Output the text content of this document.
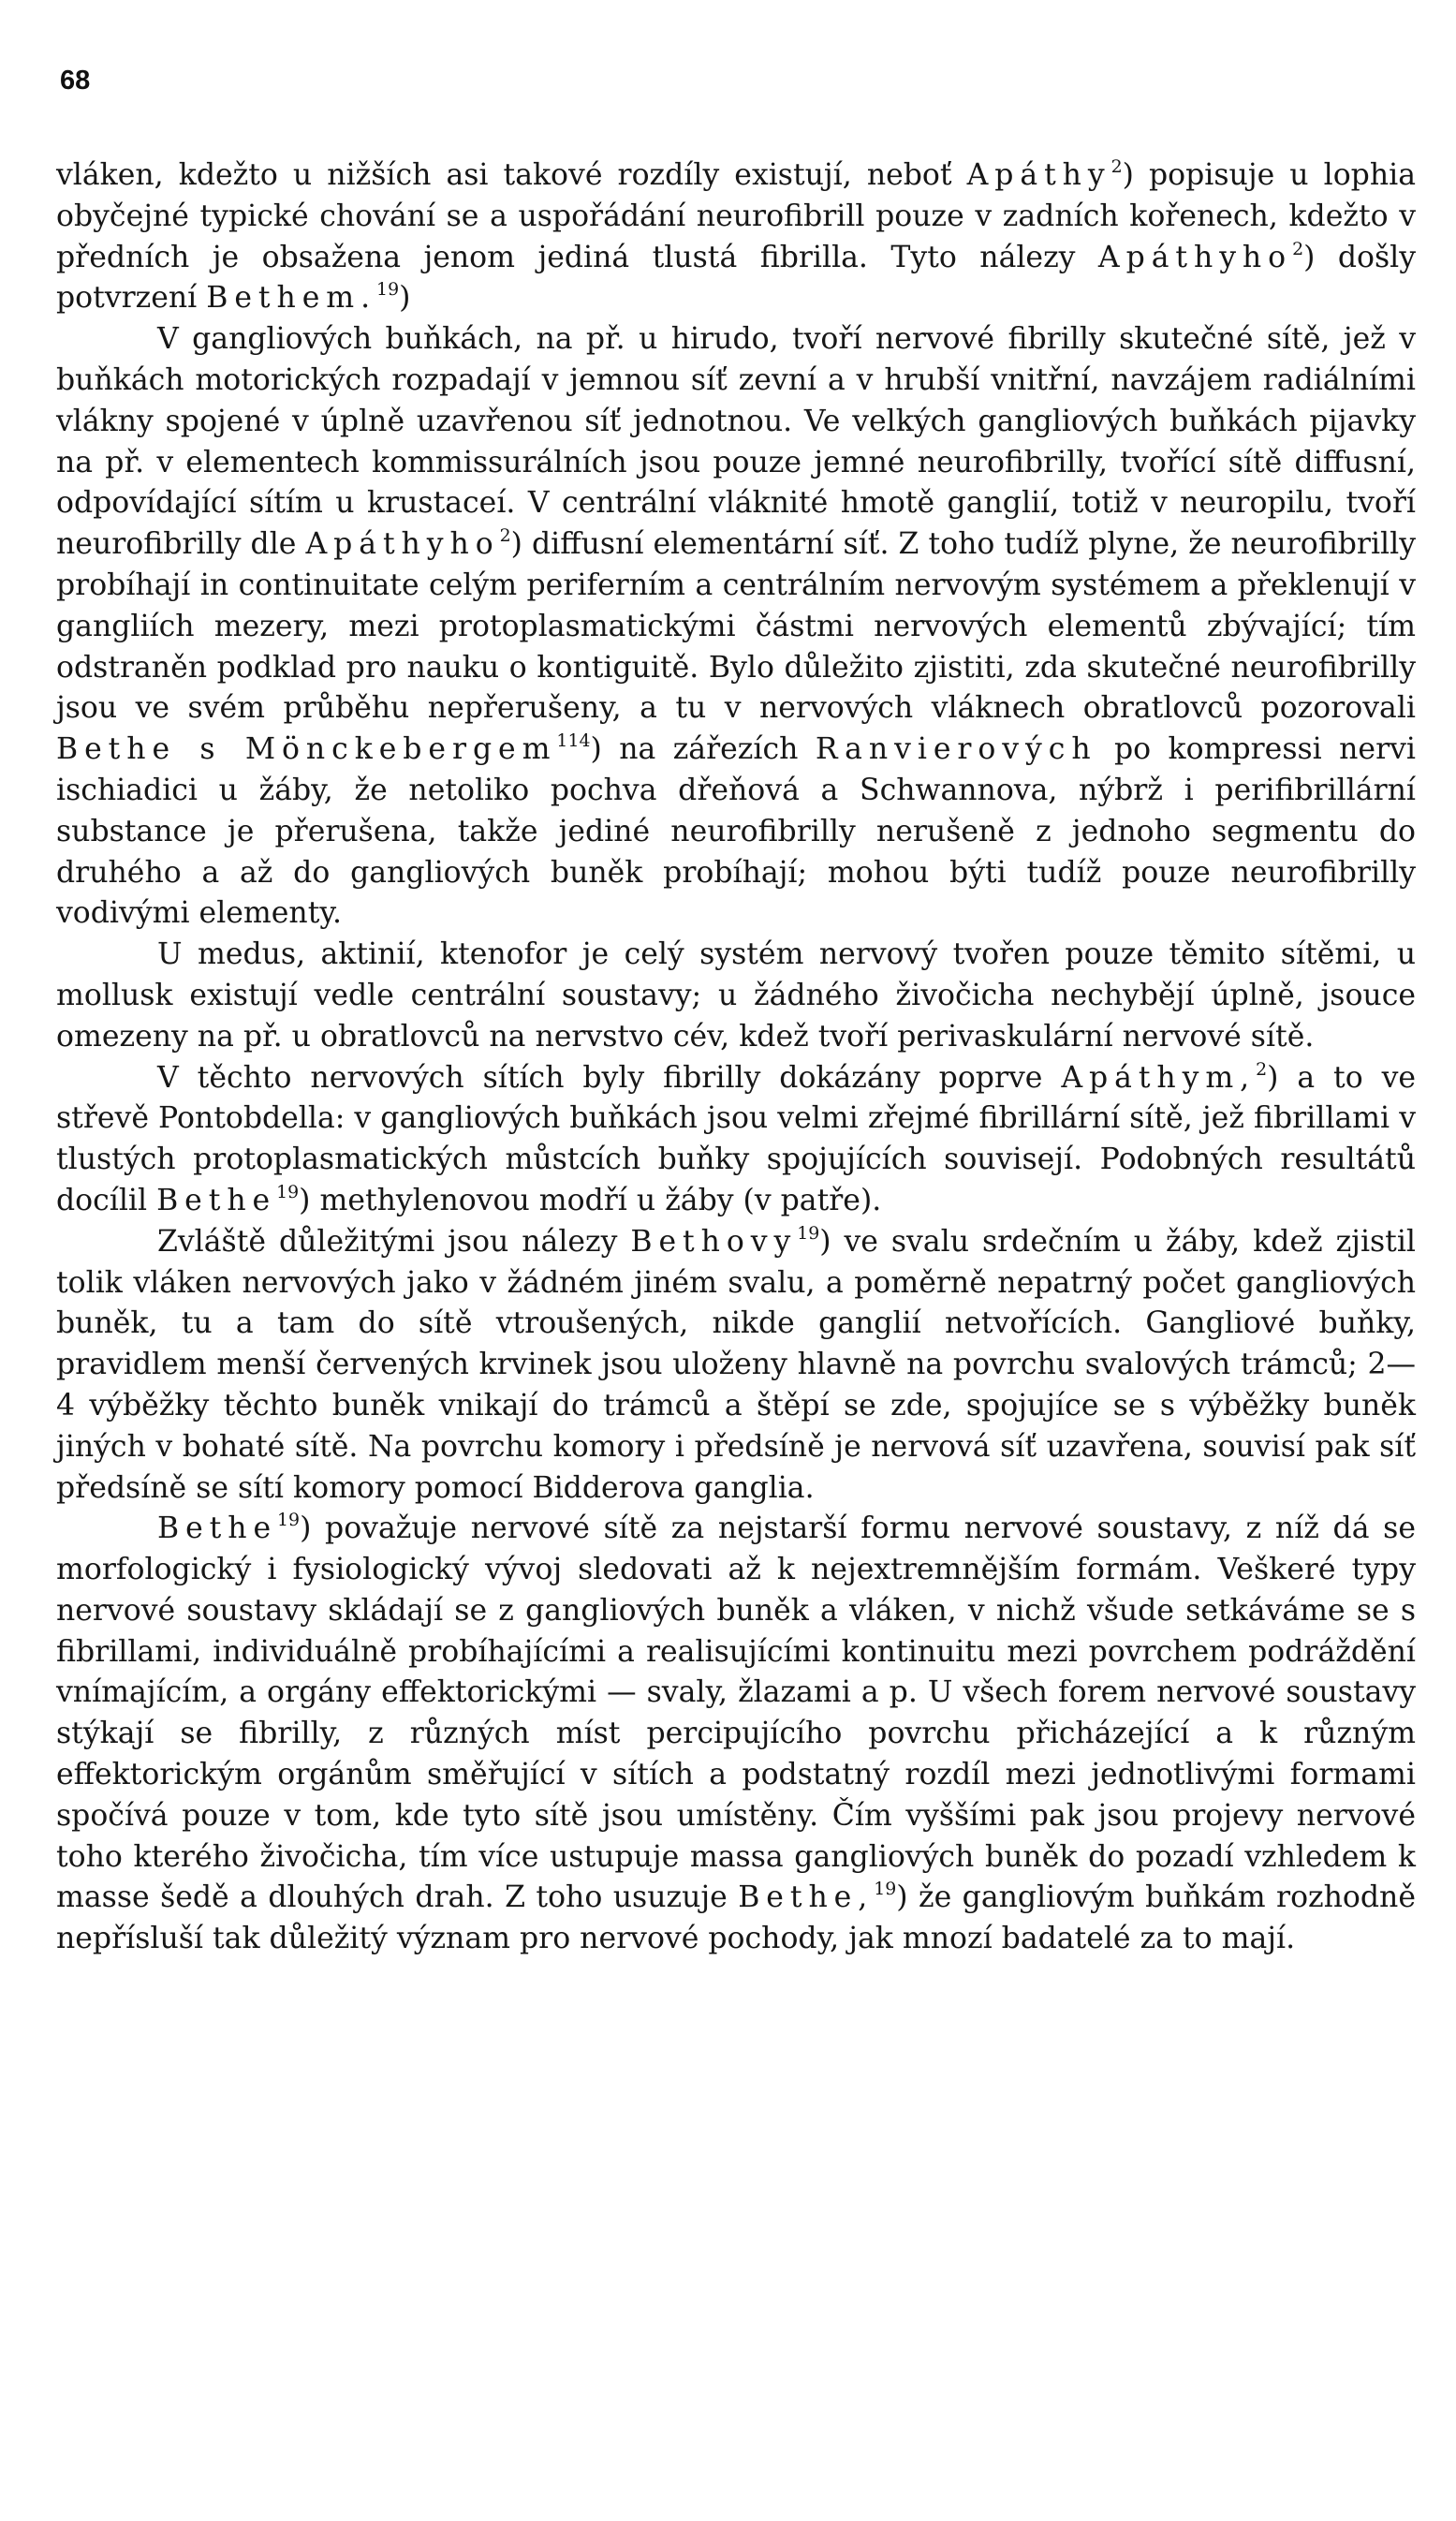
68

vláken, kdežto u nižších asi takové rozdíly existují, neboť Apáthy$^2$) popisuje u lophia obyčejné typické chování se a uspořádání neurofibrill pouze v zadních kořenech, kdežto v předních je obsažena jenom jediná tlustá fibrilla. Tyto nálezy Apáthyho$^2$) došly potvrzení Bethem.$^{19}$)

V gangliových buňkách, na př. u hirudo, tvoří nervové fibrilly skutečné sítě, jež v buňkách motorických rozpadají v jemnou síť zevní a v hrubší vnitřní, navzájem radiálními vlákny spojené v úplně uzavřenou síť jednotnou. Ve velkých gangliových buňkách pijavky na př. v elementech kommissurálních jsou pouze jemné neurofibrilly, tvořící sítě diffusní, odpovídající sítím u krustaceí. V centrální vláknité hmotě ganglií, totiž v neuropilu, tvoří neurofibrilly dle Apáthyho$^2$) diffusní elementární síť. Z toho tudíž plyne, že neurofibrilly probíhají in continuitate celým periferním a centrálním nervovým systémem a překlenují v gangliích mezery, mezi protoplasmatickými částmi nervových elementů zbývající; tím odstraněn podklad pro nauku o kontiguitě. Bylo důležito zjistiti, zda skutečné neurofibrilly jsou ve svém průběhu nepřerušeny, a tu v nervových vláknech obratlovců pozorovali Bethe s Mönckebergem$^{114}$) na zářezích Ranvierových po kompressi nervi ischiadici u žáby, že netoliko pochva dřeňová a Schwannova, nýbrž i perifibrillární substance je přerušena, takže jediné neurofibrilly nerušeně z jednoho segmentu do druhého a až do gangliových buněk probíhají; mohou býti tudíž pouze neurofibrilly vodivými elementy.

U medus, aktinií, ktenofor je celý systém nervový tvořen pouze těmito sítěmi, u mollusk existují vedle centrální soustavy; u žádného živočicha nechybějí úplně, jsouce omezeny na př. u obratlovců na nervstvo cév, kdež tvoří perivaskulární nervové sítě.

V těchto nervových sítích byly fibrilly dokázány poprve Apáthym,$^2$) a to ve střevě Pontobdella: v gangliových buňkách jsou velmi zřejmé fibrillární sítě, jež fibrillami v tlustých protoplasmatických můstcích buňky spojujících souvisejí. Podobných resultátů docílil Bethe$^{19}$) methylenovou modří u žáby (v patře).

Zvláště důležitými jsou nálezy Bethovy$^{19}$) ve svalu srdečním u žáby, kdež zjistil tolik vláken nervových jako v žádném jiném svalu, a poměrně nepatrný počet gangliových buněk, tu a tam do sítě vtroušených, nikde ganglií netvořících. Gangliové buňky, pravidlem menší červených krvinek jsou uloženy hlavně na povrchu svalových trámců; 2—4 výběžky těchto buněk vnikají do trámců a štěpí se zde, spojujíce se s výběžky buněk jiných v bohaté sítě. Na povrchu komory i předsíně je nervová síť uzavřena, souvisí pak síť předsíně se sítí komory pomocí Bidderova ganglia.

Bethe$^{19}$) považuje nervové sítě za nejstarší formu nervové soustavy, z níž dá se morfologický i fysiologický vývoj sledovati až k nejextremnějším formám. Veškeré typy nervové soustavy skládají se z gangliových buněk a vláken, v nichž všude setkáváme se s fibrillami, individuálně probíhajícími a realisujícími kontinuitu mezi povrchem podráždění vnímajícím, a orgány effektorickými — svaly, žlazami a p. U všech forem nervové soustavy stýkají se fibrilly, z různých míst percipujícího povrchu přicházející a k různým effektorickým orgánům směřující v sítích a podstatný rozdíl mezi jednotlivými formami spočívá pouze v tom, kde tyto sítě jsou umístěny. Čím vyššími pak jsou projevy nervové toho kterého živočicha, tím více ustupuje massa gangliových buněk do pozadí vzhledem k masse šedě a dlouhých drah. Z toho usuzuje Bethe,$^{19}$) že gangliovým buňkám rozhodně nepřísluší tak důležitý význam pro nervové pochody, jak mnozí badatelé za to mají.
